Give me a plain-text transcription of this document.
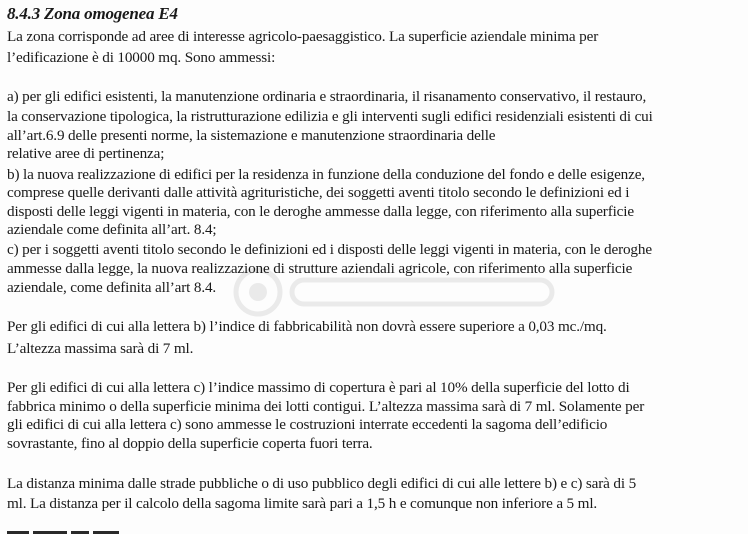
8.4.3 Zona omogenea E4
La zona corrisponde ad aree di interesse agricolo-paesaggistico. La superficie aziendale minima per
l’edificazione è di 10000 mq. Sono ammessi:
a) per gli edifici esistenti, la manutenzione ordinaria e straordinaria, il risanamento conservativo, il restauro,
la conservazione tipologica, la ristrutturazione edilizia e gli interventi sugli edifici residenziali esistenti di cui
all’art.6.9 delle presenti norme, la sistemazione e manutenzione straordinaria delle
relative aree di pertinenza;
b) la nuova realizzazione di edifici per la residenza in funzione della conduzione del fondo e delle esigenze,
comprese quelle derivanti dalle attività agrituristiche, dei soggetti aventi titolo secondo le definizioni ed i
disposti delle leggi vigenti in materia, con le deroghe ammesse dalla legge, con riferimento alla superficie
aziendale come definita all’art. 8.4;
c) per i soggetti aventi titolo secondo le definizioni ed i disposti delle leggi vigenti in materia, con le deroghe
ammesse dalla legge, la nuova realizzazione di strutture aziendali agricole, con riferimento alla superficie
aziendale, come definita all’art 8.4.
Per gli edifici di cui alla lettera b) l’indice di fabbricabilità non dovrà essere superiore a 0,03 mc./mq.
L’altezza massima sarà di 7 ml.
Per gli edifici di cui alla lettera c) l’indice massimo di copertura è pari al 10% della superficie del lotto di
fabbrica minimo o della superficie minima dei lotti contigui. L’altezza massima sarà di 7 ml. Solamente per
gli edifici di cui alla lettera c) sono ammesse le costruzioni interrate eccedenti la sagoma dell’edificio
sovrastante, fino al doppio della superficie coperta fuori terra.
La distanza minima dalle strade pubbliche o di uso pubblico degli edifici di cui alle lettere b) e c) sarà di 5
ml. La distanza per il calcolo della sagoma limite sarà pari a 1,5 h e comunque non inferiore a 5 ml.
